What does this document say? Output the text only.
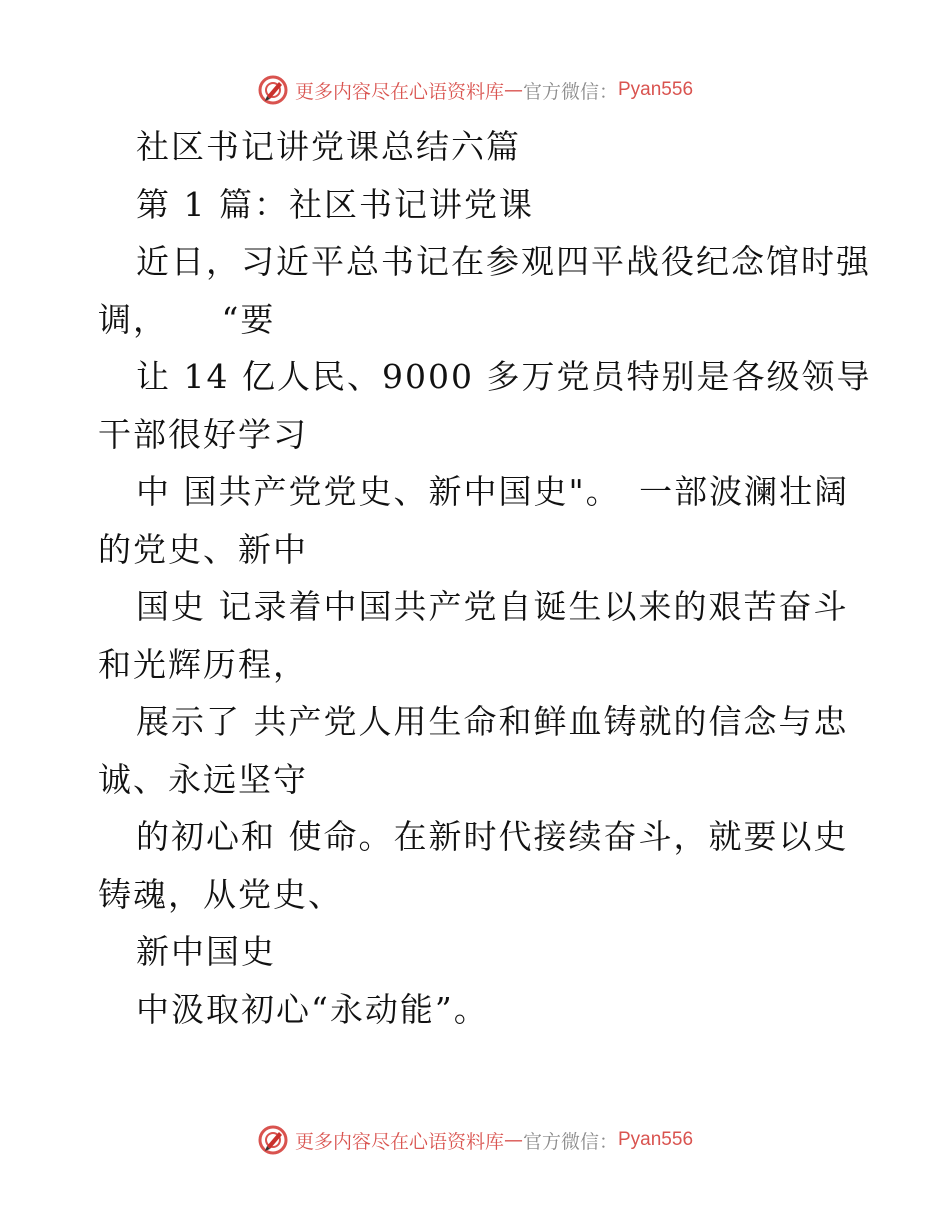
更多内容尽在心语资料库 — 官方微信： Pyan556
社区书记讲党课总结六篇
第 1 篇：社区书记讲党课
近日，习近平总书记在参观四平战役纪念馆时强
调，　　“要
让 14 亿人民、9000 多万党员特别是各级领导
干部很好学习
中 国共产党党史、新中国史"。　一部波澜壮阔
的党史、新中
国史 记录着中国共产党自诞生以来的艰苦奋斗
和光辉历程，
展示了 共产党人用生命和鲜血铸就的信念与忠
诚、永远坚守
的初心和 使命。在新时代接续奋斗，就要以史
铸魂，从党史、
新中国史
中汲取初心“永动能”。
更多内容尽在心语资料库 — 官方微信： Pyan556
